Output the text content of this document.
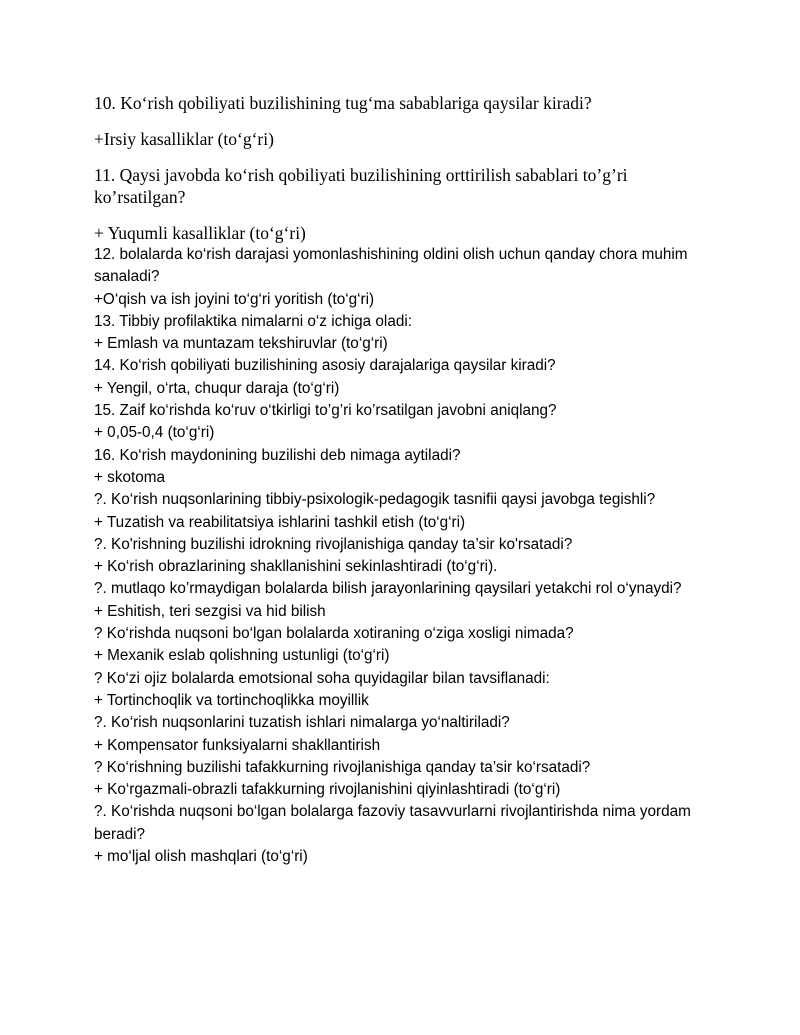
10. Ko‘rish qobiliyati buzilishining tug‘ma sabablariga qaysilar kiradi?

+Irsiy kasalliklar (to‘g‘ri)

11. Qaysi javobda ko‘rish qobiliyati buzilishining orttirilish sabablari to’g’ri ko’rsatilgan?

+ Yuqumli kasalliklar (to‘g‘ri)

12. bolalarda ko‘rish darajasi yomonlashishining oldini olish uchun qanday chora muhim sanaladi?

+O‘qish va ish joyini to‘g‘ri yoritish (to‘g‘ri)

13. Tibbiy profilaktika nimalarni o‘z ichiga oladi:

+ Emlash va muntazam tekshiruvlar (to‘g‘ri)

14. Ko‘rish qobiliyati buzilishining asosiy darajalariga qaysilar kiradi?

+ Yengil, o‘rta, chuqur daraja (to‘g‘ri)

15. Zaif ko‘rishda ko‘ruv o‘tkirligi to’g’ri ko’rsatilgan javobni aniqlang?

+ 0,05-0,4 (to‘g‘ri)

16. Ko‘rish maydonining buzilishi deb nimaga aytiladi?

+ skotoma

?. Ko‘rish nuqsonlarining tibbiy-psixologik-pedagogik tasnifii qaysi javobga tegishli?

+ Tuzatish va reabilitatsiya ishlarini tashkil etish (to‘g‘ri)

?. Ko'rishning buzilishi idrokning rivojlanishiga qanday ta’sir ko'rsatadi?

+ Ko‘rish obrazlarining shakllanishini sekinlashtiradi (to‘g‘ri).

?. mutlaqo ko’rmaydigan bolalarda bilish jarayonlarining qaysilari yetakchi rol o‘ynaydi?

+ Eshitish, teri sezgisi va hid bilish

? Ko‘rishda nuqsoni bo‘lgan bolalarda xotiraning o‘ziga xosligi nimada?

+ Mexanik eslab qolishning ustunligi (to‘g‘ri)

? Ko‘zi ojiz bolalarda emotsional soha quyidagilar bilan tavsiflanadi:

+ Tortinchoqlik va tortinchoqlikka moyillik

?. Ko‘rish nuqsonlarini tuzatish ishlari nimalarga yo‘naltiriladi?

+ Kompensator funksiyalarni shakllantirish

? Ko‘rishning buzilishi tafakkurning rivojlanishiga qanday ta’sir ko‘rsatadi?

+ Ko‘rgazmali-obrazli tafakkurning rivojlanishini qiyinlashtiradi (to‘g‘ri)

?. Ko‘rishda nuqsoni bo‘lgan bolalarga fazoviy tasavvurlarni rivojlantirishda nima yordam beradi?

+ mo‘ljal olish mashqlari (to‘g‘ri)
